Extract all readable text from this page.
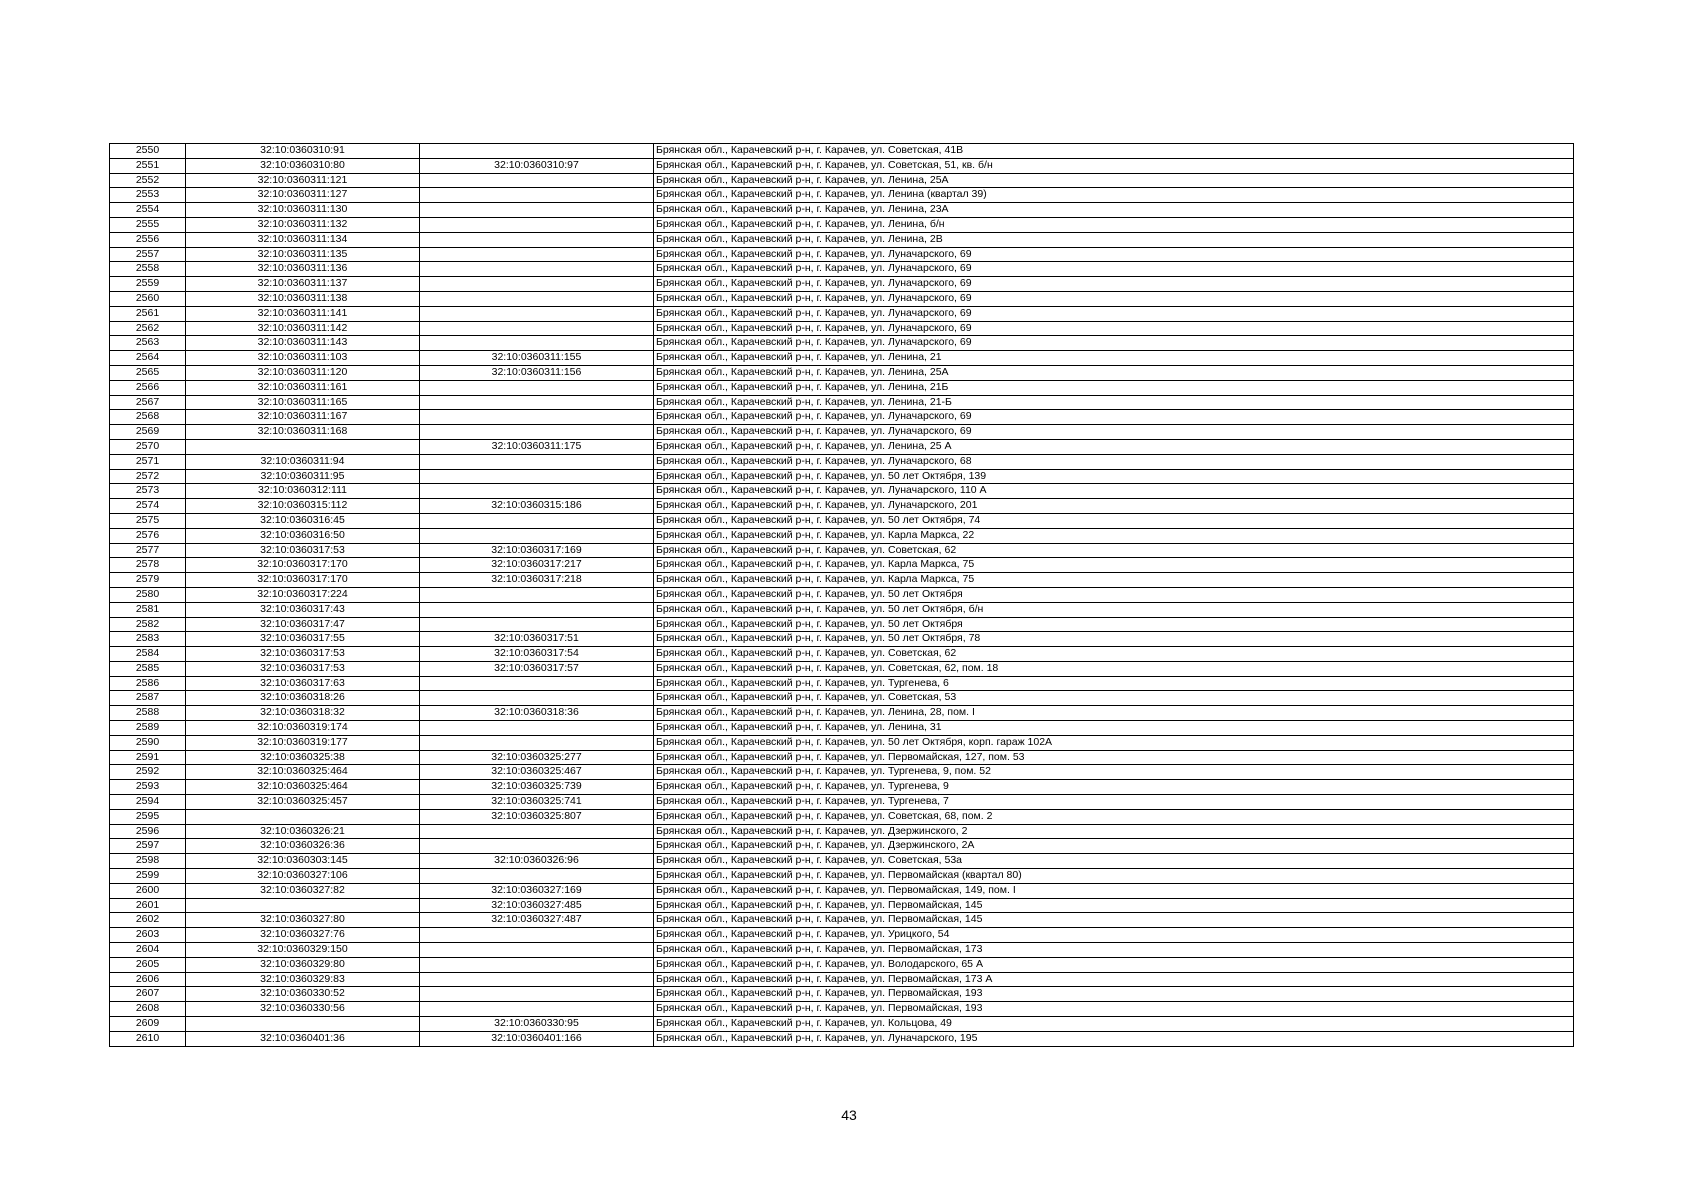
2550	32:10:0360310:91		Брянская обл., Карачевский р-н, г. Карачев, ул. Советская, 41В
2551	32:10:0360310:80	32:10:0360310:97	Брянская обл., Карачевский р-н, г. Карачев, ул. Советская, 51, кв. б/н
2552	32:10:0360311:121		Брянская обл., Карачевский р-н, г. Карачев, ул. Ленина, 25А
2553	32:10:0360311:127		Брянская обл., Карачевский р-н, г. Карачев, ул. Ленина (квартал 39)
2554	32:10:0360311:130		Брянская обл., Карачевский р-н, г. Карачев, ул. Ленина, 23А
2555	32:10:0360311:132		Брянская обл., Карачевский р-н, г. Карачев, ул. Ленина, б/н
2556	32:10:0360311:134		Брянская обл., Карачевский р-н, г. Карачев, ул. Ленина, 2В
2557	32:10:0360311:135		Брянская обл., Карачевский р-н, г. Карачев, ул. Луначарского, 69
2558	32:10:0360311:136		Брянская обл., Карачевский р-н, г. Карачев, ул. Луначарского, 69
2559	32:10:0360311:137		Брянская обл., Карачевский р-н, г. Карачев, ул. Луначарского, 69
2560	32:10:0360311:138		Брянская обл., Карачевский р-н, г. Карачев, ул. Луначарского, 69
2561	32:10:0360311:141		Брянская обл., Карачевский р-н, г. Карачев, ул. Луначарского, 69
2562	32:10:0360311:142		Брянская обл., Карачевский р-н, г. Карачев, ул. Луначарского, 69
2563	32:10:0360311:143		Брянская обл., Карачевский р-н, г. Карачев, ул. Луначарского, 69
2564	32:10:0360311:103	32:10:0360311:155	Брянская обл., Карачевский р-н, г. Карачев, ул. Ленина, 21
2565	32:10:0360311:120	32:10:0360311:156	Брянская обл., Карачевский р-н, г. Карачев, ул. Ленина, 25А
2566	32:10:0360311:161		Брянская обл., Карачевский р-н, г. Карачев, ул. Ленина, 21Б
2567	32:10:0360311:165		Брянская обл., Карачевский р-н, г. Карачев, ул. Ленина, 21-Б
2568	32:10:0360311:167		Брянская обл., Карачевский р-н, г. Карачев, ул. Луначарского, 69
2569	32:10:0360311:168		Брянская обл., Карачевский р-н, г. Карачев, ул. Луначарского, 69
2570		32:10:0360311:175	Брянская обл., Карачевский р-н, г. Карачев, ул. Ленина, 25 А
2571	32:10:0360311:94		Брянская обл., Карачевский р-н, г. Карачев, ул. Луначарского, 68
2572	32:10:0360311:95		Брянская обл., Карачевский р-н, г. Карачев, ул. 50 лет Октября, 139
2573	32:10:0360312:111		Брянская обл., Карачевский р-н, г. Карачев, ул. Луначарского, 110 А
2574	32:10:0360315:112	32:10:0360315:186	Брянская обл., Карачевский р-н, г. Карачев, ул. Луначарского, 201
2575	32:10:0360316:45		Брянская обл., Карачевский р-н, г. Карачев, ул. 50 лет Октября, 74
2576	32:10:0360316:50		Брянская обл., Карачевский р-н, г. Карачев, ул. Карла Маркса, 22
2577	32:10:0360317:53	32:10:0360317:169	Брянская обл., Карачевский р-н, г. Карачев, ул. Советская, 62
2578	32:10:0360317:170	32:10:0360317:217	Брянская обл., Карачевский р-н, г. Карачев, ул. Карла Маркса, 75
2579	32:10:0360317:170	32:10:0360317:218	Брянская обл., Карачевский р-н, г. Карачев, ул. Карла Маркса, 75
2580	32:10:0360317:224		Брянская обл., Карачевский р-н, г. Карачев, ул. 50 лет Октября
2581	32:10:0360317:43		Брянская обл., Карачевский р-н, г. Карачев, ул. 50 лет Октября, б/н
2582	32:10:0360317:47		Брянская обл., Карачевский р-н, г. Карачев, ул. 50 лет Октября
2583	32:10:0360317:55	32:10:0360317:51	Брянская обл., Карачевский р-н, г. Карачев, ул. 50 лет Октября, 78
2584	32:10:0360317:53	32:10:0360317:54	Брянская обл., Карачевский р-н, г. Карачев, ул. Советская, 62
2585	32:10:0360317:53	32:10:0360317:57	Брянская обл., Карачевский р-н, г. Карачев, ул. Советская, 62, пом. 18
2586	32:10:0360317:63		Брянская обл., Карачевский р-н, г. Карачев, ул. Тургенева, 6
2587	32:10:0360318:26		Брянская обл., Карачевский р-н, г. Карачев, ул. Советская, 53
2588	32:10:0360318:32	32:10:0360318:36	Брянская обл., Карачевский р-н, г. Карачев, ул. Ленина, 28, пом. I
2589	32:10:0360319:174		Брянская обл., Карачевский р-н, г. Карачев, ул. Ленина, 31
2590	32:10:0360319:177		Брянская обл., Карачевский р-н, г. Карачев, ул. 50 лет Октября, корп. гараж 102А
2591	32:10:0360325:38	32:10:0360325:277	Брянская обл., Карачевский р-н, г. Карачев, ул. Первомайская, 127, пом. 53
2592	32:10:0360325:464	32:10:0360325:467	Брянская обл., Карачевский р-н, г. Карачев, ул. Тургенева, 9, пом. 52
2593	32:10:0360325:464	32:10:0360325:739	Брянская обл., Карачевский р-н, г. Карачев, ул. Тургенева, 9
2594	32:10:0360325:457	32:10:0360325:741	Брянская обл., Карачевский р-н, г. Карачев, ул. Тургенева, 7
2595		32:10:0360325:807	Брянская обл., Карачевский р-н, г. Карачев, ул. Советская, 68, пом. 2
2596	32:10:0360326:21		Брянская обл., Карачевский р-н, г. Карачев, ул. Дзержинского, 2
2597	32:10:0360326:36		Брянская обл., Карачевский р-н, г. Карачев, ул. Дзержинского, 2А
2598	32:10:0360303:145	32:10:0360326:96	Брянская обл., Карачевский р-н, г. Карачев, ул. Советская, 53а
2599	32:10:0360327:106		Брянская обл., Карачевский р-н, г. Карачев, ул. Первомайская (квартал 80)
2600	32:10:0360327:82	32:10:0360327:169	Брянская обл., Карачевский р-н, г. Карачев, ул. Первомайская, 149, пом. I
2601		32:10:0360327:485	Брянская обл., Карачевский р-н, г. Карачев, ул. Первомайская, 145
2602	32:10:0360327:80	32:10:0360327:487	Брянская обл., Карачевский р-н, г. Карачев, ул. Первомайская, 145
2603	32:10:0360327:76		Брянская обл., Карачевский р-н, г. Карачев, ул. Урицкого, 54
2604	32:10:0360329:150		Брянская обл., Карачевский р-н, г. Карачев, ул. Первомайская, 173
2605	32:10:0360329:80		Брянская обл., Карачевский р-н, г. Карачев, ул. Володарского, 65 А
2606	32:10:0360329:83		Брянская обл., Карачевский р-н, г. Карачев, ул. Первомайская, 173 А
2607	32:10:0360330:52		Брянская обл., Карачевский р-н, г. Карачев, ул. Первомайская, 193
2608	32:10:0360330:56		Брянская обл., Карачевский р-н, г. Карачев, ул. Первомайская, 193
2609		32:10:0360330:95	Брянская обл., Карачевский р-н, г. Карачев, ул. Кольцова, 49
2610	32:10:0360401:36	32:10:0360401:166	Брянская обл., Карачевский р-н, г. Карачев, ул. Луначарского, 195
43
